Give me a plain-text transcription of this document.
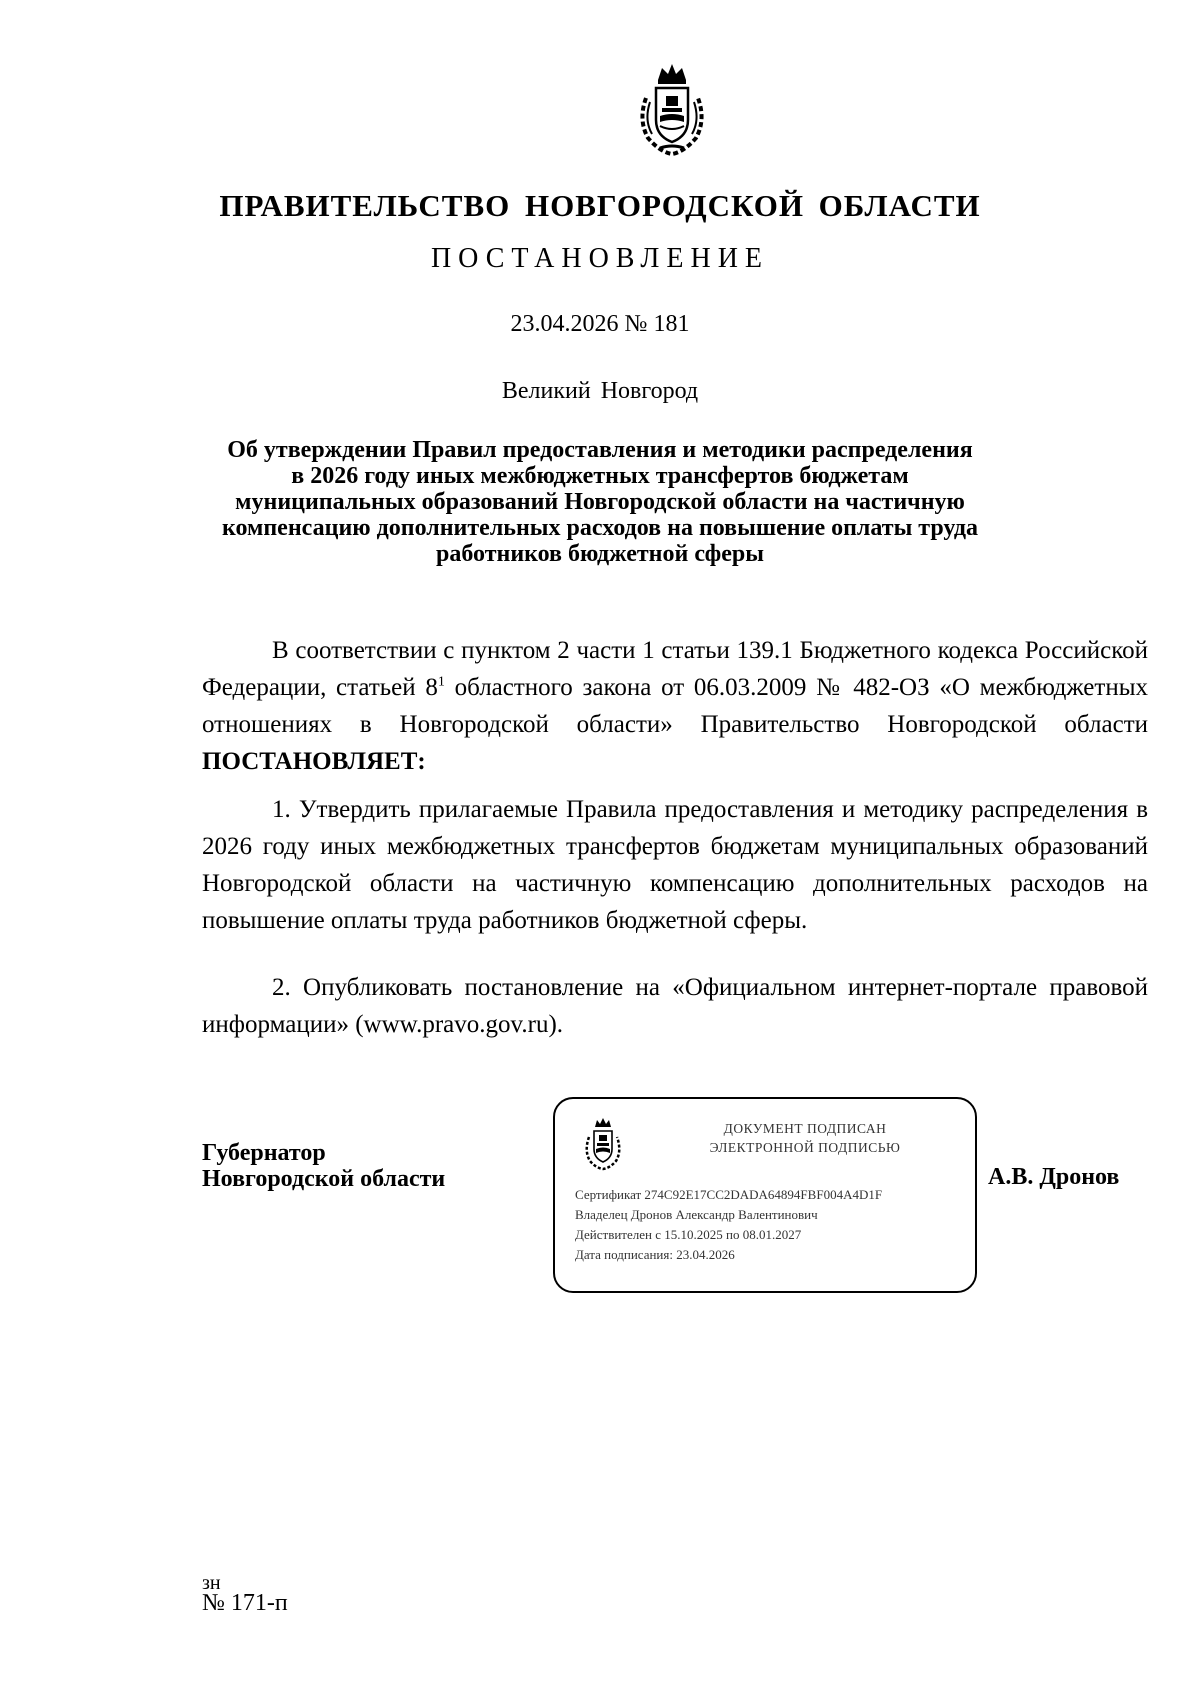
ПРАВИТЕЛЬСТВО НОВГОРОДСКОЙ ОБЛАСТИ
ПОСТАНОВЛЕНИЕ
23.04.2026 № 181
Великий Новгород
Об утверждении Правил предоставления и методики распределения
в 2026 году иных межбюджетных трансфертов бюджетам
муниципальных образований Новгородской области на частичную
компенсацию дополнительных расходов на повышение оплаты труда
работников бюджетной сферы
В соответствии с пунктом 2 части 1 статьи 139.1 Бюджетного кодекса Российской Федерации, статьей $8^1$ областного закона от 06.03.2009 № 482-ОЗ «О межбюджетных отношениях в Новгородской области» Правительство Новгородской области ПОСТАНОВЛЯЕТ:
1. Утвердить прилагаемые Правила предоставления и методику распределения в 2026 году иных межбюджетных трансфертов бюджетам муниципальных образований Новгородской области на частичную компенсацию дополнительных расходов на повышение оплаты труда работников бюджетной сферы.
2. Опубликовать постановление на «Официальном интернет-портале правовой информации» (www.pravo.gov.ru).
Губернатор
Новгородской области
ДОКУМЕНТ ПОДПИСАН
ЭЛЕКТРОННОЙ ПОДПИСЬЮ
Сертификат 274C92E17CC2DADA64894FBF004A4D1F
Владелец Дронов Александр Валентинович
Действителен с 15.10.2025 по 08.01.2027
Дата подписания: 23.04.2026
А.В. Дронов
зн
№ 171-п
